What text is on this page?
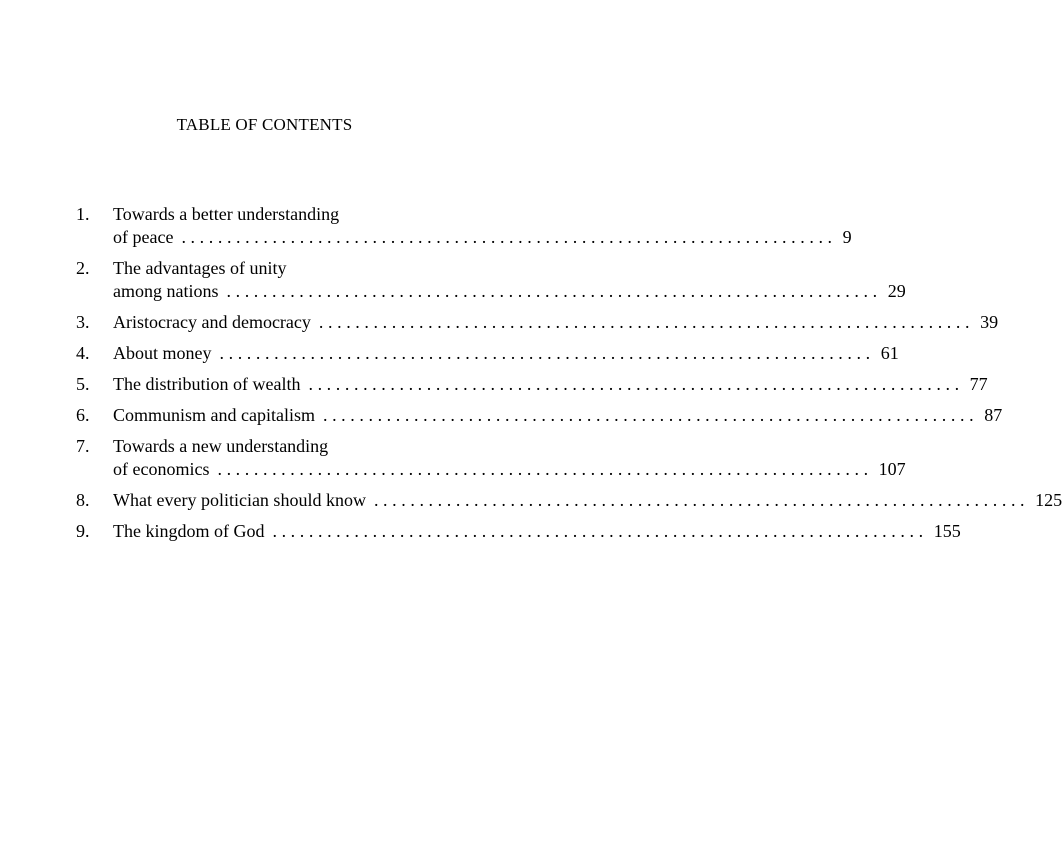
TABLE OF CONTENTS
1.	Towards a better understanding
of peace ........................................................................ 9
2.	The advantages of unity
among nations ........................................................................ 29
3.	Aristocracy and democracy ........................................................................ 39
4.	About money ........................................................................ 61
5.	The distribution of wealth ........................................................................ 77
6.	Communism and capitalism ........................................................................ 87
7.	Towards a new understanding
of economics ........................................................................ 107
8.	What every politician should know ........................................................................ 125
9.	The kingdom of God ........................................................................ 155
